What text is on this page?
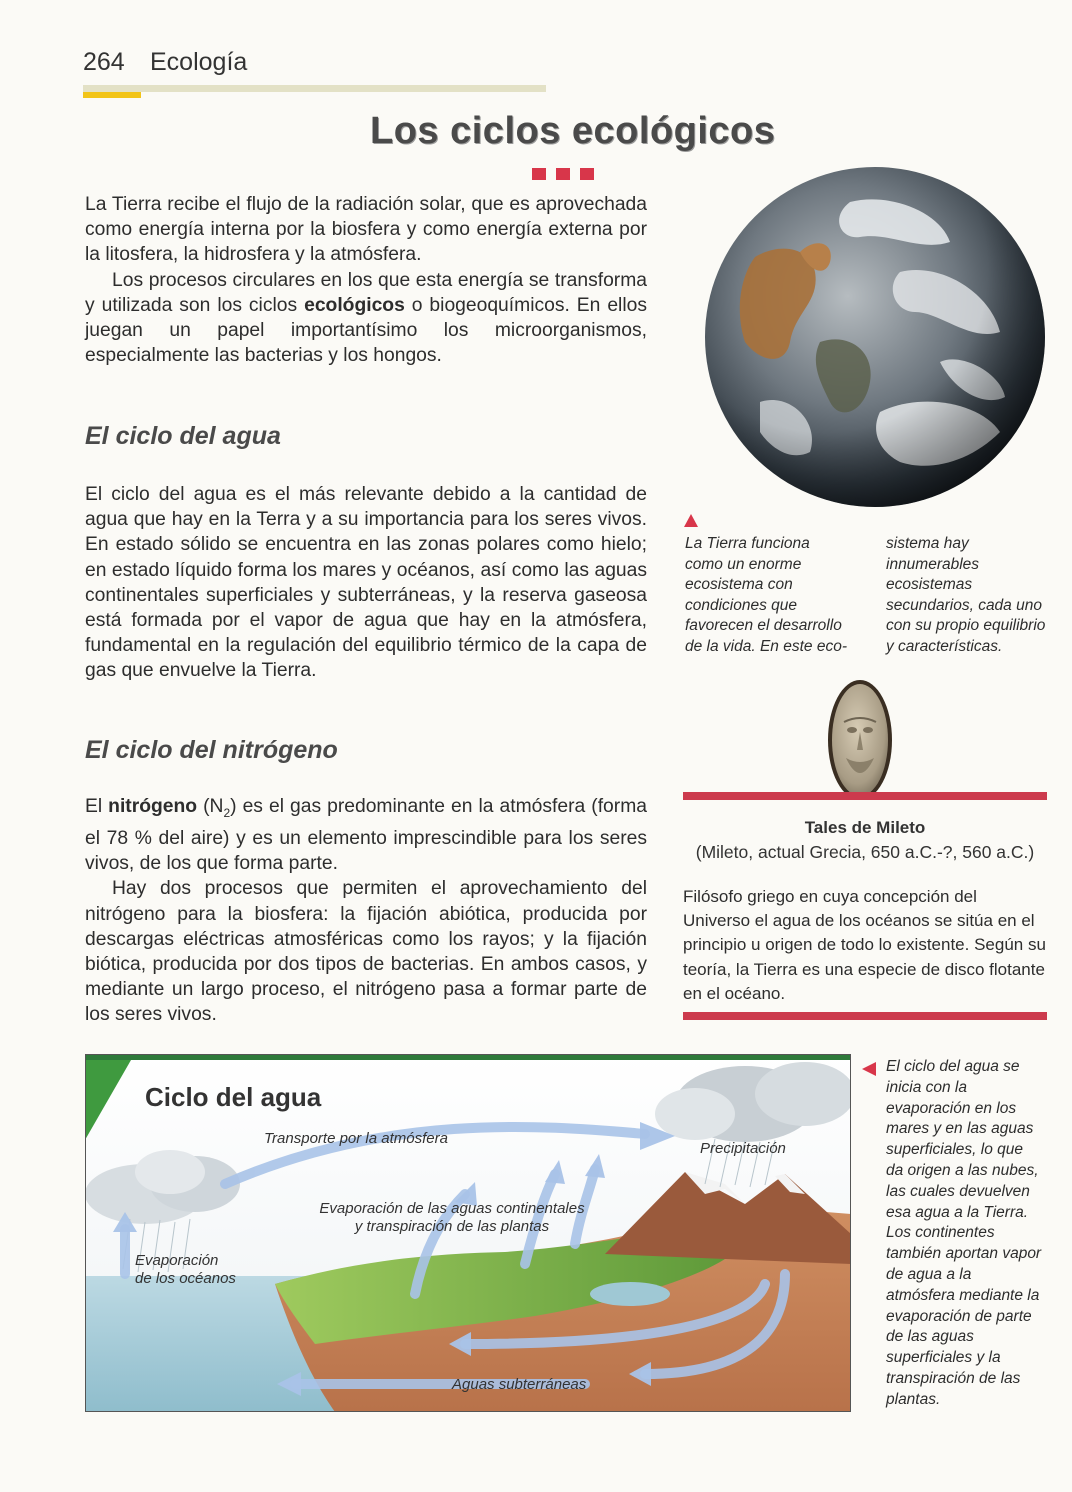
264 Ecología
Los ciclos ecológicos

La Tierra recibe el flujo de la radiación solar, que es aprovechada como energía interna por la biosfera y como energía externa por la litosfera, la hidrosfera y la atmósfera.

Los procesos circulares en los que esta energía se transforma y utilizada son los ciclos ecológicos o biogeoquímicos. En ellos juegan un papel importantísimo los microorganismos, especialmente las bacterias y los hongos.

La Tierra funciona como un enorme ecosistema con condiciones que favorecen el desarrollo de la vida. En este eco-
sistema hay innumerables ecosistemas secundarios, cada uno con su propio equilibrio y características.
El ciclo del agua
El ciclo del agua es el más relevante debido a la cantidad de agua que hay en la Terra y a su importancia para los seres vivos. En estado sólido se encuentra en las zonas polares como hielo; en estado líquido forma los mares y océanos, así como las aguas continentales superficiales y subterráneas, y la reserva gaseosa está formada por el vapor de agua que hay en la atmósfera, fundamental en la regulación del equilibrio térmico de la capa de gas que envuelve la Tierra.
El ciclo del nitrógeno

El nitrógeno $(N_2)$ es el gas predominante en la atmósfera (forma el 78 % del aire) y es un elemento imprescindible para los seres vivos, de los que forma parte.

Hay dos procesos que permiten el aprovechamiento del nitrógeno para la biosfera: la fijación abiótica, producida por descargas eléctricas atmosféricas como los rayos; y la fijación biótica, producida por dos tipos de bacterias. En ambos casos, y mediante un largo proceso, el nitrógeno pasa a formar parte de los seres vivos.

Tales de Mileto
(Mileto, actual Grecia, 650 a.C.-?, 560 a.C.)
Filósofo griego en cuya concepción del Universo el agua de los océanos se sitúa en el principio u origen de todo lo existente. Según su teoría, la Tierra es una especie de disco flotante en el océano.
Ciclo del agua
Transporte por la atmósfera
Precipitación
Evaporación de las aguas continentales
y transpiración de las plantas
Evaporación
de los océanos
Aguas subterráneas
El ciclo del agua se inicia con la evaporación en los mares y en las aguas superficiales, lo que da origen a las nubes, las cuales devuelven esa agua a la Tierra. Los continentes también aportan vapor de agua a la atmósfera mediante la evaporación de parte de las aguas superficiales y la transpiración de las plantas.
